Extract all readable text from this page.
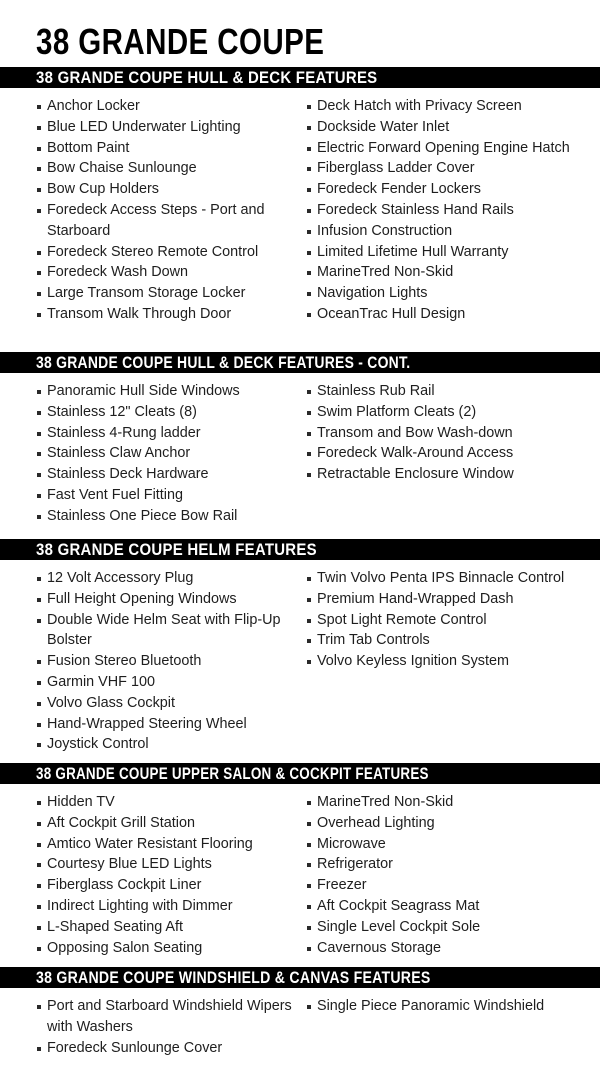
38 GRANDE COUPE
38 GRANDE COUPE HULL & DECK FEATURES
Anchor Locker
Blue LED Underwater Lighting
Bottom Paint
Bow Chaise Sunlounge
Bow Cup Holders
Foredeck Access Steps - Port and Starboard
Foredeck Stereo Remote Control
Foredeck Wash Down
Large Transom Storage Locker
Transom Walk Through Door
Deck Hatch with Privacy Screen
Dockside Water Inlet
Electric Forward Opening Engine Hatch
Fiberglass Ladder Cover
Foredeck Fender Lockers
Foredeck Stainless Hand Rails
Infusion Construction
Limited Lifetime Hull Warranty
MarineTred Non-Skid
Navigation Lights
OceanTrac Hull Design
38 GRANDE COUPE HULL & DECK FEATURES - CONT.
Panoramic Hull Side Windows
Stainless 12" Cleats (8)
Stainless 4-Rung ladder
Stainless Claw Anchor
Stainless Deck Hardware
Fast Vent Fuel Fitting
Stainless One Piece Bow Rail
Stainless Rub Rail
Swim Platform Cleats (2)
Transom and Bow Wash-down
Foredeck Walk-Around Access
Retractable Enclosure Window
38 GRANDE COUPE HELM FEATURES
12 Volt Accessory Plug
Full Height Opening Windows
Double Wide Helm Seat with Flip-Up Bolster
Fusion Stereo Bluetooth
Garmin VHF 100
Volvo Glass Cockpit
Hand-Wrapped Steering Wheel
Joystick Control
Twin Volvo Penta IPS Binnacle Control
Premium Hand-Wrapped Dash
Spot Light Remote Control
Trim Tab Controls
Volvo Keyless Ignition System
38 GRANDE COUPE UPPER SALON & COCKPIT FEATURES
Hidden TV
Aft Cockpit Grill Station
Amtico Water Resistant Flooring
Courtesy Blue LED Lights
Fiberglass Cockpit Liner
Indirect Lighting with Dimmer
L-Shaped Seating Aft
Opposing Salon Seating
MarineTred Non-Skid
Overhead Lighting
Microwave
Refrigerator
Freezer
Aft Cockpit Seagrass Mat
Single Level Cockpit Sole
Cavernous Storage
38 GRANDE COUPE WINDSHIELD & CANVAS FEATURES
Port and Starboard Windshield Wipers with Washers
Foredeck Sunlounge Cover
Single Piece Panoramic Windshield
